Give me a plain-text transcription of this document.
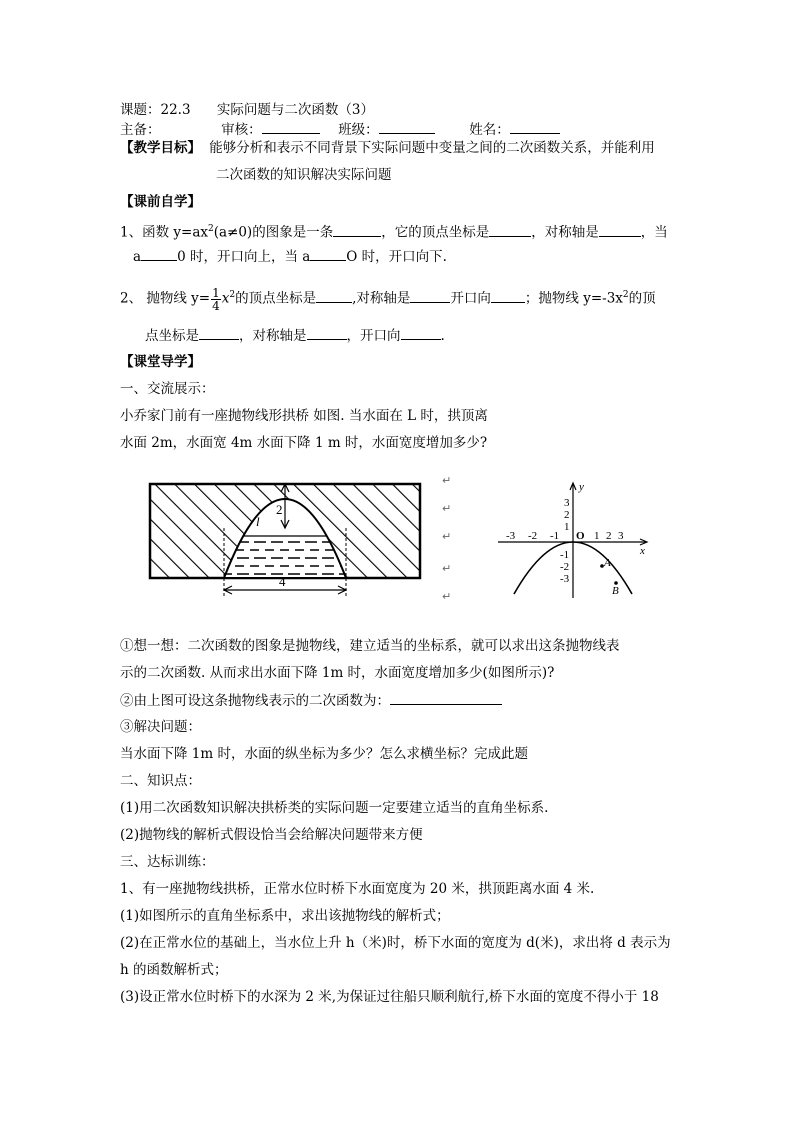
课题：22.3 实际问题与二次函数（3）
主备：	审核：	班级：	姓名：
【教学目标】 能够分析和表示不同背景下实际问题中变量之间的二次函数关系，并能利用
二次函数的知识解决实际问题
【课前自学】
1、函数 $y=ax^2(a\ne 0)$的图象是一条	，它的顶点坐标是	，对称轴是	，当
a	0 时，开口向上，当 a	O 时，开口向下.
2、 抛物线 $y= \frac{1}{4} x^2$的顶点坐标是	,对称轴是	开口向	；抛物线 $y=-3x^2$的顶
点坐标是	，对称轴是	，开口向	.
【课堂导学】
一、交流展示：
小乔家门前有一座抛物线形拱桥 如图. 当水面在 L 时，拱顶离
水面 2m，水面宽 4m 水面下降 1 m 时，水面宽度增加多少?
2
l
4
↵
↵
↵
↵
↵
y
x
O
-3 -2 -1	1 2 3
3
2
1
-1
-2
-3
A
B
①想一想：二次函数的图象是抛物线，建立适当的坐标系，就可以求出这条抛物线表
示的二次函数. 从而求出水面下降 1m 时，水面宽度增加多少(如图所示)?
②由上图可设这条抛物线表示的二次函数为：
③解决问题：
当水面下降 1m 时，水面的纵坐标为多少？怎么求横坐标？完成此题
二、知识点：
(1)用二次函数知识解决拱桥类的实际问题一定要建立适当的直角坐标系.
(2)抛物线的解析式假设恰当会给解决问题带来方便
三、达标训练：
1、有一座抛物线拱桥，正常水位时桥下水面宽度为 20 米，拱顶距离水面 4 米.
(1)如图所示的直角坐标系中，求出该抛物线的解析式；
(2)在正常水位的基础上，当水位上升 h（米)时，桥下水面的宽度为 d(米)，求出将 d 表示为
h 的函数解析式；
(3)设正常水位时桥下的水深为 2 米,为保证过往船只顺利航行,桥下水面的宽度不得小于 18
